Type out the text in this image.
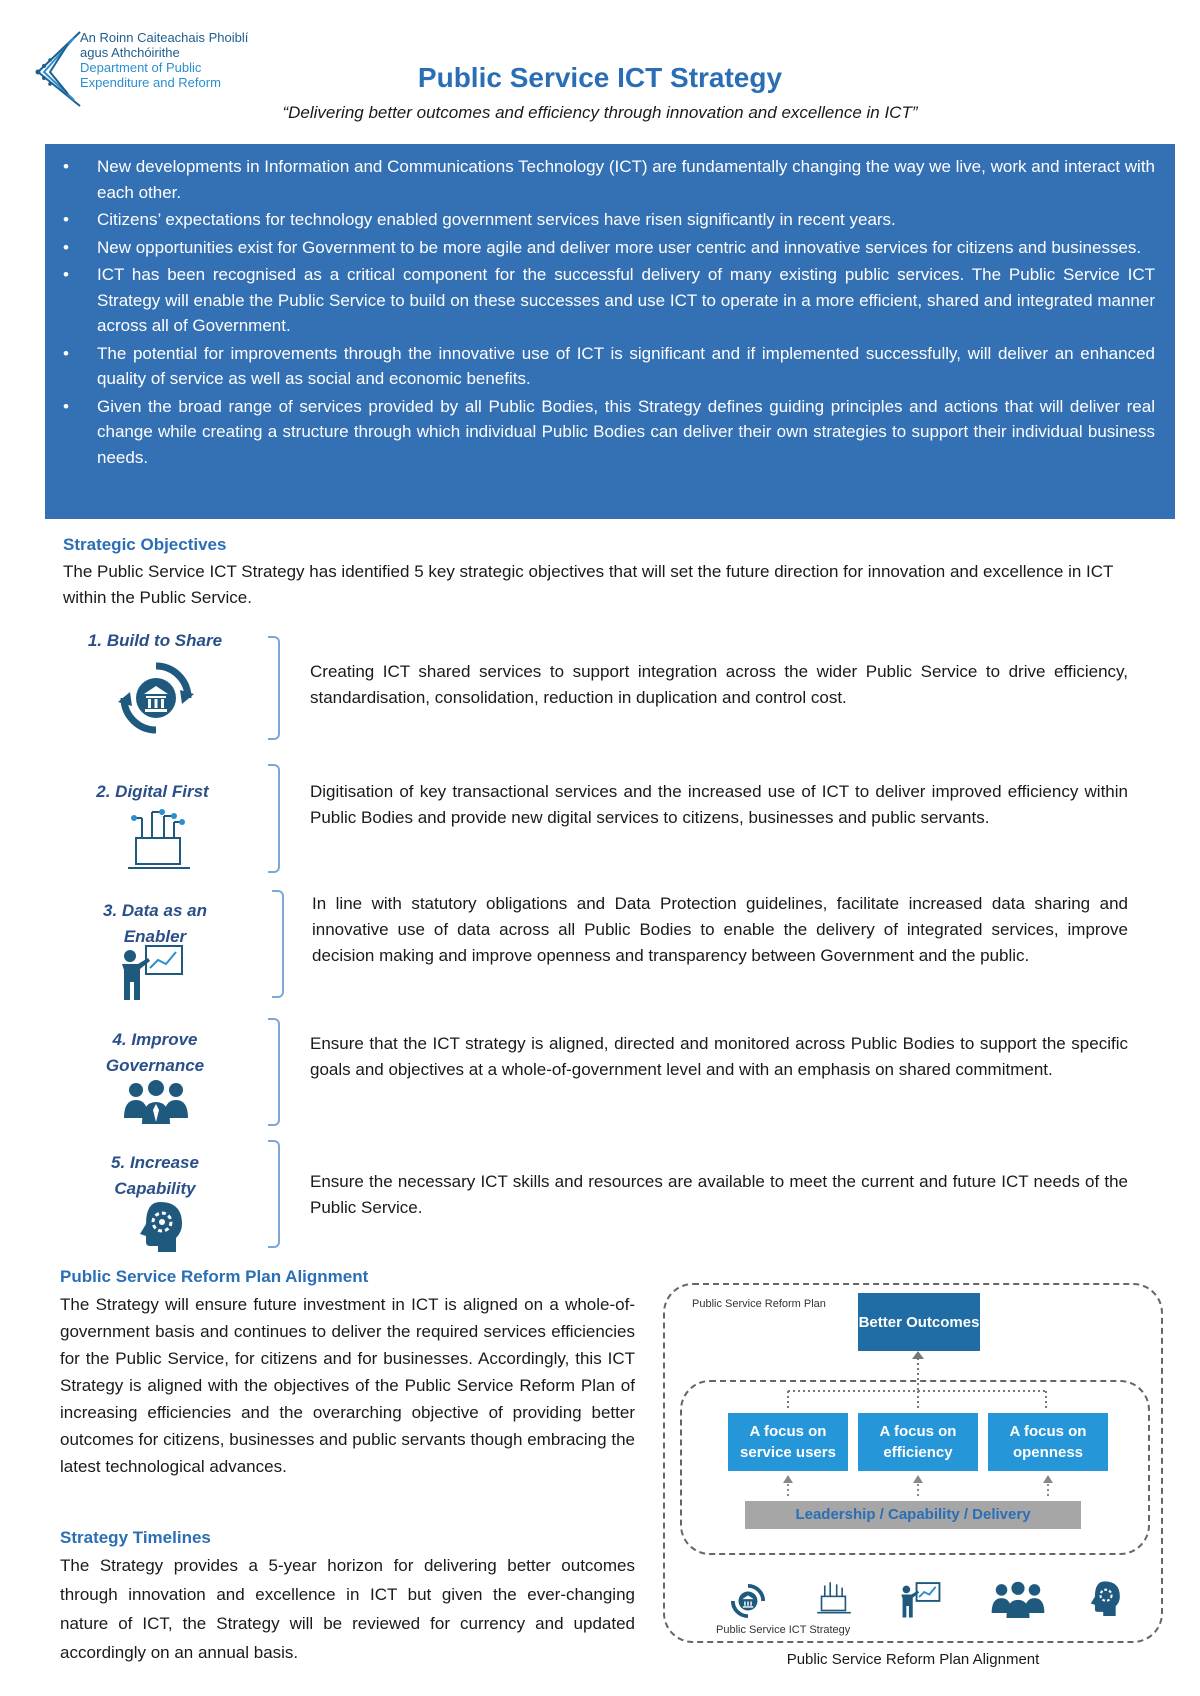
An Roinn Caiteachais Phoiblí
agus Athchóirithe
Department of Public
Expenditure and Reform	Public Service ICT Strategy
“Delivering better outcomes and efficiency through innovation and excellence in ICT”
• New developments in Information and Communications Technology (ICT) are fundamentally changing the way we live, work and interact with each other.
• Citizens’ expectations for technology enabled government services have risen significantly in recent years.
• New opportunities exist for Government to be more agile and deliver more user centric and innovative services for citizens and businesses.
• ICT has been recognised as a critical component for the successful delivery of many existing public services. The Public Service ICT Strategy will enable the Public Service to build on these successes and use ICT to operate in a more efficient, shared and integrated manner across all of Government.
• The potential for improvements through the innovative use of ICT is significant and if implemented successfully, will deliver an enhanced quality of service as well as social and economic benefits.
• Given the broad range of services provided by all Public Bodies, this Strategy defines guiding principles and actions that will deliver real change while creating a structure through which individual Public Bodies can deliver their own strategies to support their individual business needs.
Strategic Objectives
The Public Service ICT Strategy has identified 5 key strategic objectives that will set the future direction for innovation and excellence in ICT within the Public Service.
1. Build to Share
Creating ICT shared services to support integration across the wider Public Service to drive efficiency, standardisation, consolidation, reduction in duplication and control cost.
2. Digital First	Digitisation of key transactional services and the increased use of ICT to deliver improved efficiency within Public Bodies and provide new digital services to citizens, businesses and public servants.
3. Data as an Enabler
In line with statutory obligations and Data Protection guidelines, facilitate increased data sharing and innovative use of data across all Public Bodies to enable the delivery of integrated services, improve decision making and improve openness and transparency between Government and the public.
4. Improve Governance
Ensure that the ICT strategy is aligned, directed and monitored across Public Bodies to support the specific goals and objectives at a whole-of-government level and with an emphasis on shared commitment.
5. Increase Capability	Ensure the necessary ICT skills and resources are available to meet the current and future ICT needs of the Public Service.
Public Service Reform Plan Alignment
The Strategy will ensure future investment in ICT is aligned on a whole-of-government basis and continues to deliver the required services efficiencies for the Public Service, for citizens and for businesses. Accordingly, this ICT Strategy is aligned with the objectives of the Public Service Reform Plan of increasing efficiencies and the overarching objective of providing better outcomes for citizens, businesses and public servants though embracing the latest technological advances.
Strategy Timelines
The Strategy provides a 5-year horizon for delivering better outcomes through innovation and excellence in ICT but given the ever-changing nature of ICT, the Strategy will be reviewed for currency and updated accordingly on an annual basis.
Public Service Reform Plan
Better Outcomes
A focus on service users
A focus on efficiency
A focus on openness
Leadership / Capability / Delivery
Public Service ICT Strategy
Public Service Reform Plan Alignment
